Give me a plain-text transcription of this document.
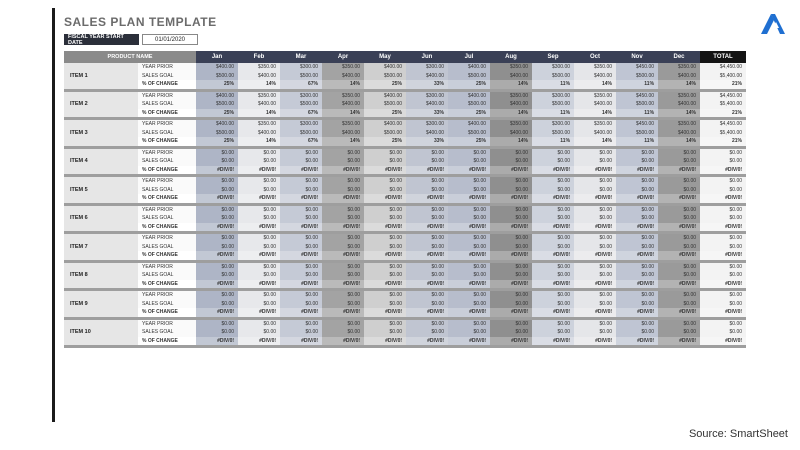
SALES PLAN TEMPLATE
FISCAL YEAR START DATE	01/01/2020
PRODUCT NAME		Jan	Feb	Mar	Apr	May	Jun	Jul	Aug	Sep	Oct	Nov	Dec	TOTAL
ITEM 1	YEAR PRIOR	$400.00	$350.00	$300.00	$350.00	$400.00	$300.00	$400.00	$350.00	$300.00	$350.00	$450.00	$350.00	$4,450.00
	SALES GOAL	$500.00	$400.00	$500.00	$400.00	$500.00	$400.00	$500.00	$400.00	$500.00	$400.00	$500.00	$400.00	$5,400.00
	% OF CHANGE	25%	14%	67%	14%	25%	33%	25%	14%	11%	14%	11%	14%	21%

ITEM 2	YEAR PRIOR	$400.00	$350.00	$300.00	$350.00	$400.00	$300.00	$400.00	$350.00	$300.00	$350.00	$450.00	$350.00	$4,450.00
	SALES GOAL	$500.00	$400.00	$500.00	$400.00	$500.00	$400.00	$500.00	$400.00	$500.00	$400.00	$500.00	$400.00	$5,400.00
	% OF CHANGE	25%	14%	67%	14%	25%	33%	25%	14%	11%	14%	11%	14%	21%

ITEM 3	YEAR PRIOR	$400.00	$350.00	$300.00	$350.00	$400.00	$300.00	$400.00	$350.00	$300.00	$350.00	$450.00	$350.00	$4,450.00
	SALES GOAL	$500.00	$400.00	$500.00	$400.00	$500.00	$400.00	$500.00	$400.00	$500.00	$400.00	$500.00	$400.00	$5,400.00
	% OF CHANGE	25%	14%	67%	14%	25%	33%	25%	14%	11%	14%	11%	14%	21%

ITEM 4	YEAR PRIOR	$0.00	$0.00	$0.00	$0.00	$0.00	$0.00	$0.00	$0.00	$0.00	$0.00	$0.00	$0.00	$0.00
	SALES GOAL	$0.00	$0.00	$0.00	$0.00	$0.00	$0.00	$0.00	$0.00	$0.00	$0.00	$0.00	$0.00	$0.00
	% OF CHANGE	#DIV/0!	#DIV/0!	#DIV/0!	#DIV/0!	#DIV/0!	#DIV/0!	#DIV/0!	#DIV/0!	#DIV/0!	#DIV/0!	#DIV/0!	#DIV/0!	#DIV/0!

ITEM 5	YEAR PRIOR	$0.00	$0.00	$0.00	$0.00	$0.00	$0.00	$0.00	$0.00	$0.00	$0.00	$0.00	$0.00	$0.00
	SALES GOAL	$0.00	$0.00	$0.00	$0.00	$0.00	$0.00	$0.00	$0.00	$0.00	$0.00	$0.00	$0.00	$0.00
	% OF CHANGE	#DIV/0!	#DIV/0!	#DIV/0!	#DIV/0!	#DIV/0!	#DIV/0!	#DIV/0!	#DIV/0!	#DIV/0!	#DIV/0!	#DIV/0!	#DIV/0!	#DIV/0!

ITEM 6	YEAR PRIOR	$0.00	$0.00	$0.00	$0.00	$0.00	$0.00	$0.00	$0.00	$0.00	$0.00	$0.00	$0.00	$0.00
	SALES GOAL	$0.00	$0.00	$0.00	$0.00	$0.00	$0.00	$0.00	$0.00	$0.00	$0.00	$0.00	$0.00	$0.00
	% OF CHANGE	#DIV/0!	#DIV/0!	#DIV/0!	#DIV/0!	#DIV/0!	#DIV/0!	#DIV/0!	#DIV/0!	#DIV/0!	#DIV/0!	#DIV/0!	#DIV/0!	#DIV/0!

ITEM 7	YEAR PRIOR	$0.00	$0.00	$0.00	$0.00	$0.00	$0.00	$0.00	$0.00	$0.00	$0.00	$0.00	$0.00	$0.00
	SALES GOAL	$0.00	$0.00	$0.00	$0.00	$0.00	$0.00	$0.00	$0.00	$0.00	$0.00	$0.00	$0.00	$0.00
	% OF CHANGE	#DIV/0!	#DIV/0!	#DIV/0!	#DIV/0!	#DIV/0!	#DIV/0!	#DIV/0!	#DIV/0!	#DIV/0!	#DIV/0!	#DIV/0!	#DIV/0!	#DIV/0!

ITEM 8	YEAR PRIOR	$0.00	$0.00	$0.00	$0.00	$0.00	$0.00	$0.00	$0.00	$0.00	$0.00	$0.00	$0.00	$0.00
	SALES GOAL	$0.00	$0.00	$0.00	$0.00	$0.00	$0.00	$0.00	$0.00	$0.00	$0.00	$0.00	$0.00	$0.00
	% OF CHANGE	#DIV/0!	#DIV/0!	#DIV/0!	#DIV/0!	#DIV/0!	#DIV/0!	#DIV/0!	#DIV/0!	#DIV/0!	#DIV/0!	#DIV/0!	#DIV/0!	#DIV/0!

ITEM 9	YEAR PRIOR	$0.00	$0.00	$0.00	$0.00	$0.00	$0.00	$0.00	$0.00	$0.00	$0.00	$0.00	$0.00	$0.00
	SALES GOAL	$0.00	$0.00	$0.00	$0.00	$0.00	$0.00	$0.00	$0.00	$0.00	$0.00	$0.00	$0.00	$0.00
	% OF CHANGE	#DIV/0!	#DIV/0!	#DIV/0!	#DIV/0!	#DIV/0!	#DIV/0!	#DIV/0!	#DIV/0!	#DIV/0!	#DIV/0!	#DIV/0!	#DIV/0!	#DIV/0!

ITEM 10	YEAR PRIOR	$0.00	$0.00	$0.00	$0.00	$0.00	$0.00	$0.00	$0.00	$0.00	$0.00	$0.00	$0.00	$0.00
	SALES GOAL	$0.00	$0.00	$0.00	$0.00	$0.00	$0.00	$0.00	$0.00	$0.00	$0.00	$0.00	$0.00	$0.00
	% OF CHANGE	#DIV/0!	#DIV/0!	#DIV/0!	#DIV/0!	#DIV/0!	#DIV/0!	#DIV/0!	#DIV/0!	#DIV/0!	#DIV/0!	#DIV/0!	#DIV/0!	#DIV/0!

Source: SmartSheet
